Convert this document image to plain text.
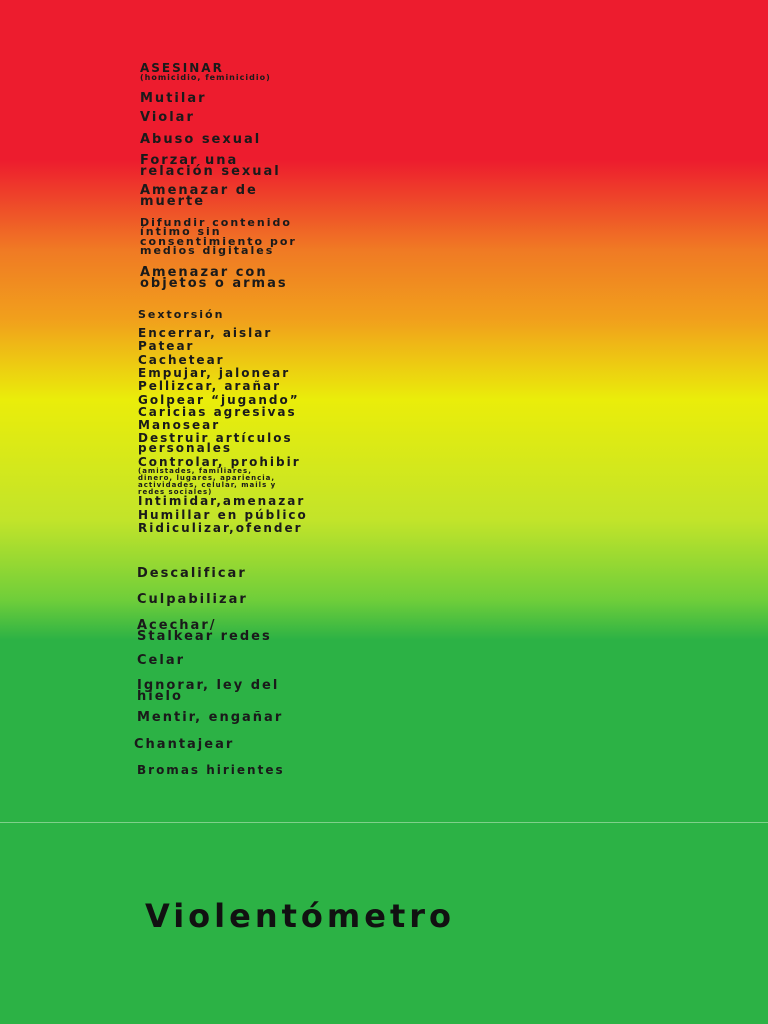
ASESINAR
(homicidio, feminicidio)

Mutilar

Violar

Abuso sexual

Forzar una
relación sexual

Amenazar de
muerte

Difundir contenido
íntimo sin
consentimiento por
medios digitales

Amenazar con
objetos o armas

Sextorsión

Encerrar, aislar

Patear

Cachetear

Empujar, jalonear

Pellizcar, arañar

Golpear “jugando”

Caricias agresivas

Manosear

Destruir artículos
personales

Controlar, prohibir
(amistades, familiares,
dinero, lugares, apariencia,
actividades, celular, mails y
redes sociales)

Intimidar,amenazar

Humillar en público

Ridiculizar,ofender

Descalificar

Culpabilizar

Acechar/
Stalkear redes

Celar

Ignorar, ley del
hielo

Mentir, engañar

Chantajear

Bromas hirientes

Violentómetro
